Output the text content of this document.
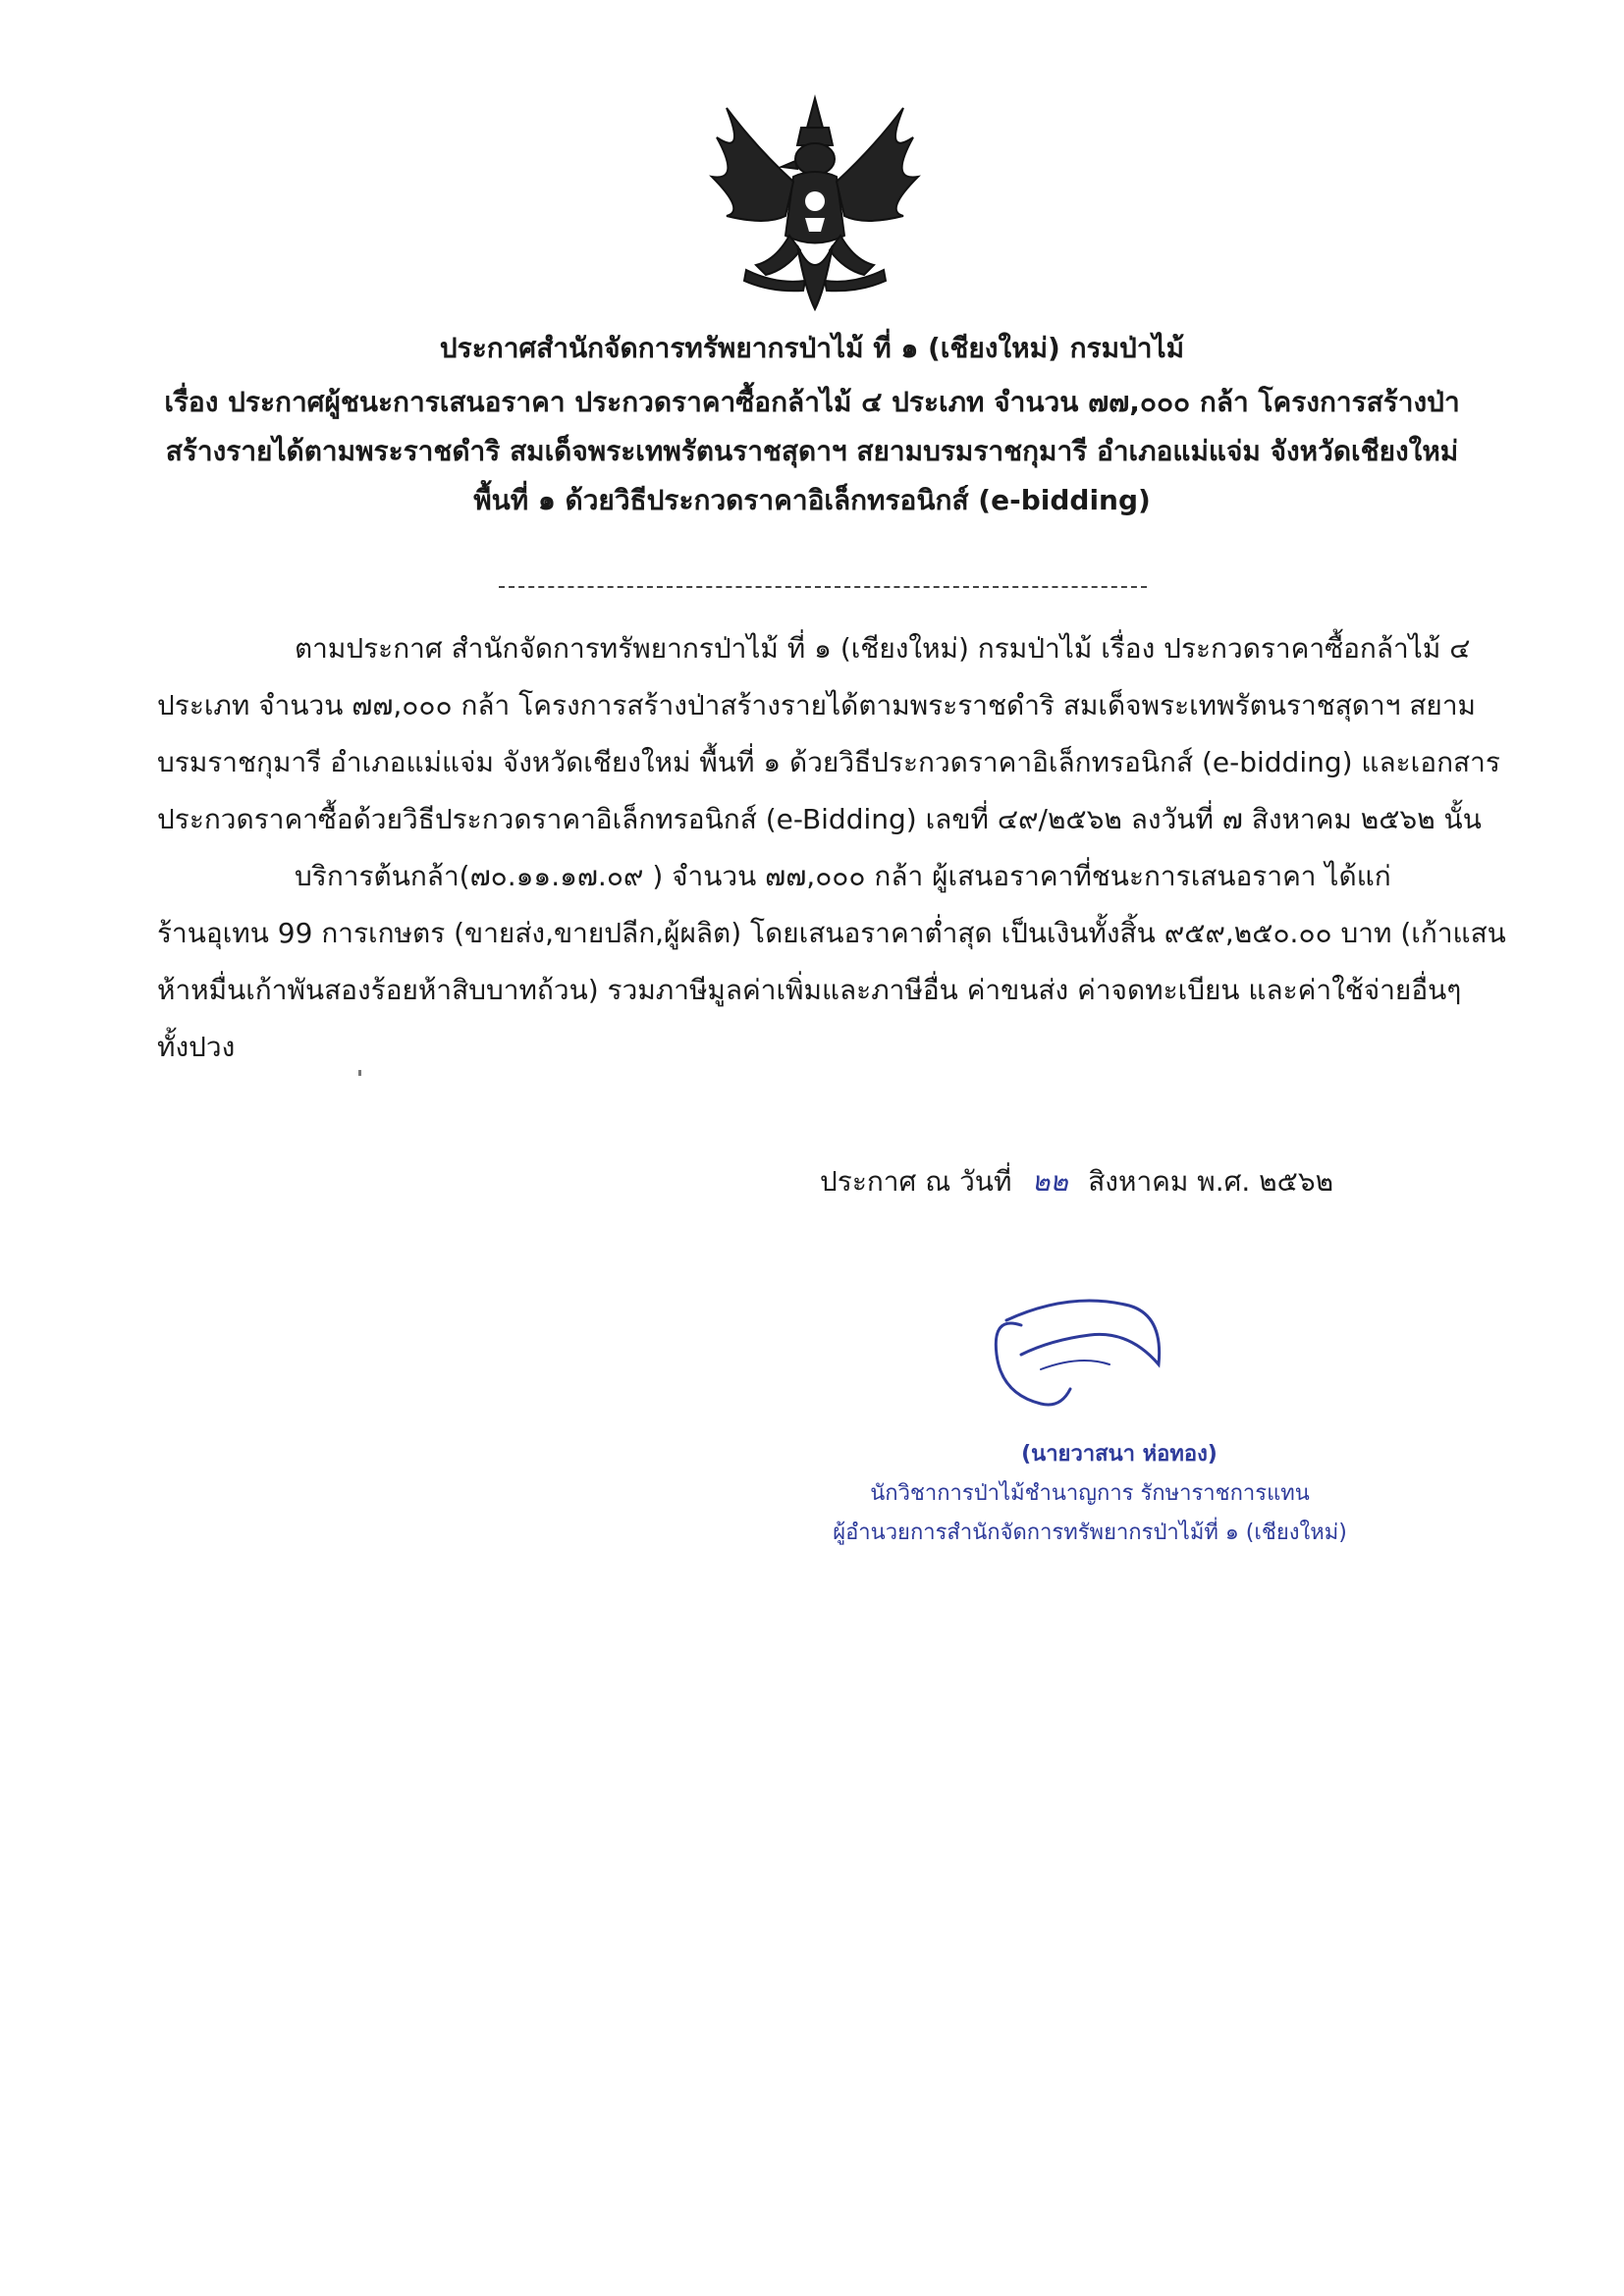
ประกาศสำนักจัดการทรัพยากรป่าไม้ ที่ ๑ (เชียงใหม่) กรมป่าไม้
เรื่อง ประกาศผู้ชนะการเสนอราคา ประกวดราคาซื้อกล้าไม้ ๔ ประเภท จำนวน ๗๗,๐๐๐ กล้า โครงการสร้างป่า
สร้างรายได้ตามพระราชดำริ สมเด็จพระเทพรัตนราชสุดาฯ สยามบรมราชกุมารี อำเภอแม่แจ่ม จังหวัดเชียงใหม่
พื้นที่ ๑ ด้วยวิธีประกวดราคาอิเล็กทรอนิกส์ (e-bidding)
ตามประกาศ สำนักจัดการทรัพยากรป่าไม้ ที่ ๑ (เชียงใหม่) กรมป่าไม้ เรื่อง ประกวดราคาซื้อกล้าไม้ ๔
ประเภท จำนวน ๗๗,๐๐๐ กล้า โครงการสร้างป่าสร้างรายได้ตามพระราชดำริ สมเด็จพระเทพรัตนราชสุดาฯ สยาม
บรมราชกุมารี อำเภอแม่แจ่ม จังหวัดเชียงใหม่ พื้นที่ ๑ ด้วยวิธีประกวดราคาอิเล็กทรอนิกส์ (e-bidding) และเอกสาร
ประกวดราคาซื้อด้วยวิธีประกวดราคาอิเล็กทรอนิกส์ (e-Bidding) เลขที่ ๔๙/๒๕๖๒ ลงวันที่ ๗ สิงหาคม ๒๕๖๒ นั้น
บริการต้นกล้า(๗๐.๑๑.๑๗.๐๙ ) จำนวน ๗๗,๐๐๐ กล้า ผู้เสนอราคาที่ชนะการเสนอราคา ได้แก่
ร้านอุเทน 99 การเกษตร (ขายส่ง,ขายปลีก,ผู้ผลิต) โดยเสนอราคาต่ำสุด เป็นเงินทั้งสิ้น ๙๕๙,๒๕๐.๐๐ บาท (เก้าแสน
ห้าหมื่นเก้าพันสองร้อยห้าสิบบาทถ้วน) รวมภาษีมูลค่าเพิ่มและภาษีอื่น ค่าขนส่ง ค่าจดทะเบียน และค่าใช้จ่ายอื่นๆ
ทั้งปวง
ประกาศ ณ วันที่ ๒๒ สิงหาคม พ.ศ. ๒๕๖๒
(นายวาสนา ห่อทอง)
นักวิชาการป่าไม้ชำนาญการ รักษาราชการแทน
ผู้อำนวยการสำนักจัดการทรัพยากรป่าไม้ที่ ๑ (เชียงใหม่)
